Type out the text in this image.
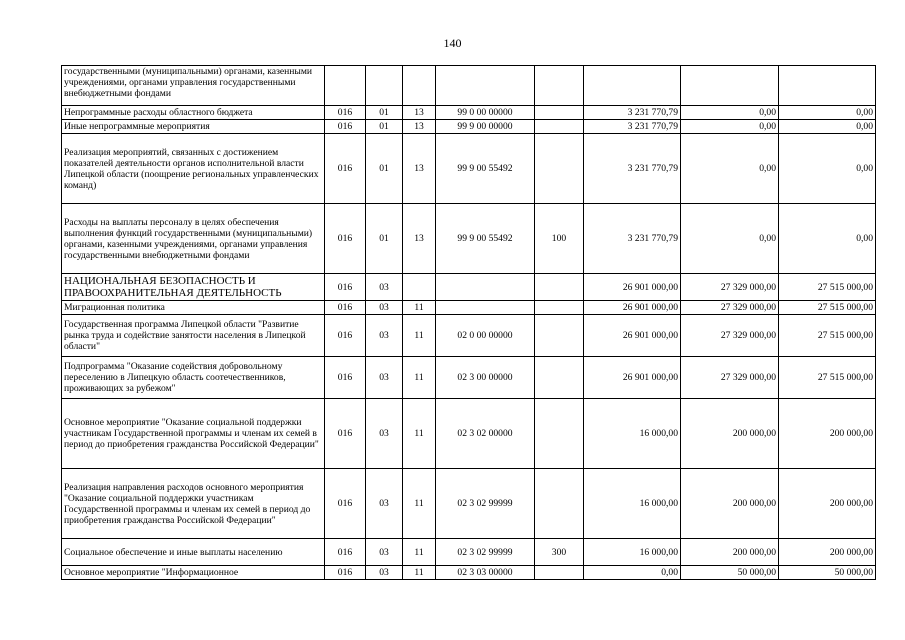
140
государственными (муниципальными) органами, казенными учреждениями, органами управления государственными внебюджетными фондами								
Непрограммные расходы областного бюджета	016	01	13	99 0 00 00000		3 231 770,79	0,00	0,00
Иные непрограммные мероприятия	016	01	13	99 9 00 00000		3 231 770,79	0,00	0,00
Реализация мероприятий, связанных с достижением показателей деятельности органов исполнительной власти Липецкой области (поощрение региональных управленческих команд)	016	01	13	99 9 00 55492		3 231 770,79	0,00	0,00
Расходы на выплаты персоналу в целях обеспечения выполнения функций государственными (муниципальными) органами, казенными учреждениями, органами управления государственными внебюджетными фондами	016	01	13	99 9 00 55492	100	3 231 770,79	0,00	0,00
НАЦИОНАЛЬНАЯ БЕЗОПАСНОСТЬ И ПРАВООХРАНИТЕЛЬНАЯ ДЕЯТЕЛЬНОСТЬ	016	03				26 901 000,00	27 329 000,00	27 515 000,00
Миграционная политика	016	03	11			26 901 000,00	27 329 000,00	27 515 000,00
Государственная программа Липецкой области "Развитие рынка труда и содействие занятости населения в Липецкой области"	016	03	11	02 0 00 00000		26 901 000,00	27 329 000,00	27 515 000,00
Подпрограмма "Оказание содействия добровольному переселению в Липецкую область соотечественников, проживающих за рубежом"	016	03	11	02 3 00 00000		26 901 000,00	27 329 000,00	27 515 000,00
Основное мероприятие "Оказание социальной поддержки участникам Государственной программы и членам их семей в период до приобретения гражданства Российской Федерации"	016	03	11	02 3 02 00000		16 000,00	200 000,00	200 000,00
Реализация направления расходов основного мероприятия "Оказание социальной поддержки участникам Государственной программы и членам их семей в период до приобретения гражданства Российской Федерации"	016	03	11	02 3 02 99999		16 000,00	200 000,00	200 000,00
Социальное обеспечение и иные выплаты населению	016	03	11	02 3 02 99999	300	16 000,00	200 000,00	200 000,00
Основное мероприятие "Информационное	016	03	11	02 3 03 00000		0,00	50 000,00	50 000,00
